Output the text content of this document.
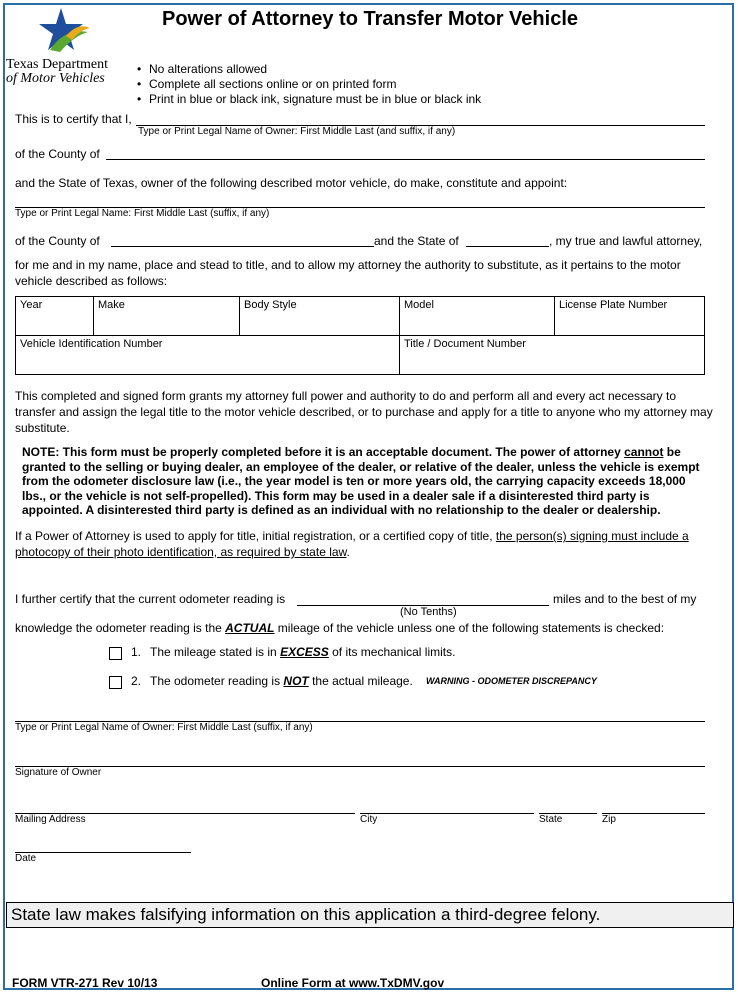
Texas Department
of Motor Vehicles
Power of Attorney to Transfer Motor Vehicle
• No alterations allowed
• Complete all sections online or on printed form
• Print in blue or black ink, signature must be in blue or black ink
This is to certify that I,
Type or Print Legal Name of Owner: First Middle Last (and suffix, if any)
of the County of
and the State of Texas, owner of the following described motor vehicle, do make, constitute and appoint:
Type or Print Legal Name: First Middle Last (suffix, if any)
of the County of	and the State of	, my true and lawful attorney,
for me and in my name, place and stead to title, and to allow my attorney the authority to substitute, as it pertains to the motor vehicle described as follows:
Year	Make	Body Style	Model	License Plate Number
Vehicle Identification Number			Title / Document Number	
This completed and signed form grants my attorney full power and authority to do and perform all and every act necessary to transfer and assign the legal title to the motor vehicle described, or to purchase and apply for a title to anyone who my attorney may substitute.
NOTE: This form must be properly completed before it is an acceptable document. The power of attorney cannot be granted to the selling or buying dealer, an employee of the dealer, or relative of the dealer, unless the vehicle is exempt from the odometer disclosure law (i.e., the year model is ten or more years old, the carrying capacity exceeds 18,000 lbs., or the vehicle is not self-propelled). This form may be used in a dealer sale if a disinterested third party is appointed. A disinterested third party is defined as an individual with no relationship to the dealer or dealership.
If a Power of Attorney is used to apply for title, initial registration, or a certified copy of title, the person(s) signing must include a photocopy of their photo identification, as required by state law.
I further certify that the current odometer reading is	miles and to the best of my
(No Tenths)
knowledge the odometer reading is the ACTUAL mileage of the vehicle unless one of the following statements is checked:
1. The mileage stated is in EXCESS of its mechanical limits.
2. The odometer reading is NOT the actual mileage. WARNING - ODOMETER DISCREPANCY
Type or Print Legal Name of Owner: First Middle Last (suffix, if any)
Signature of Owner
Mailing Address	City	State	Zip
Date
State law makes falsifying information on this application a third-degree felony.
FORM VTR-271 Rev 10/13	Online Form at www.TxDMV.gov
